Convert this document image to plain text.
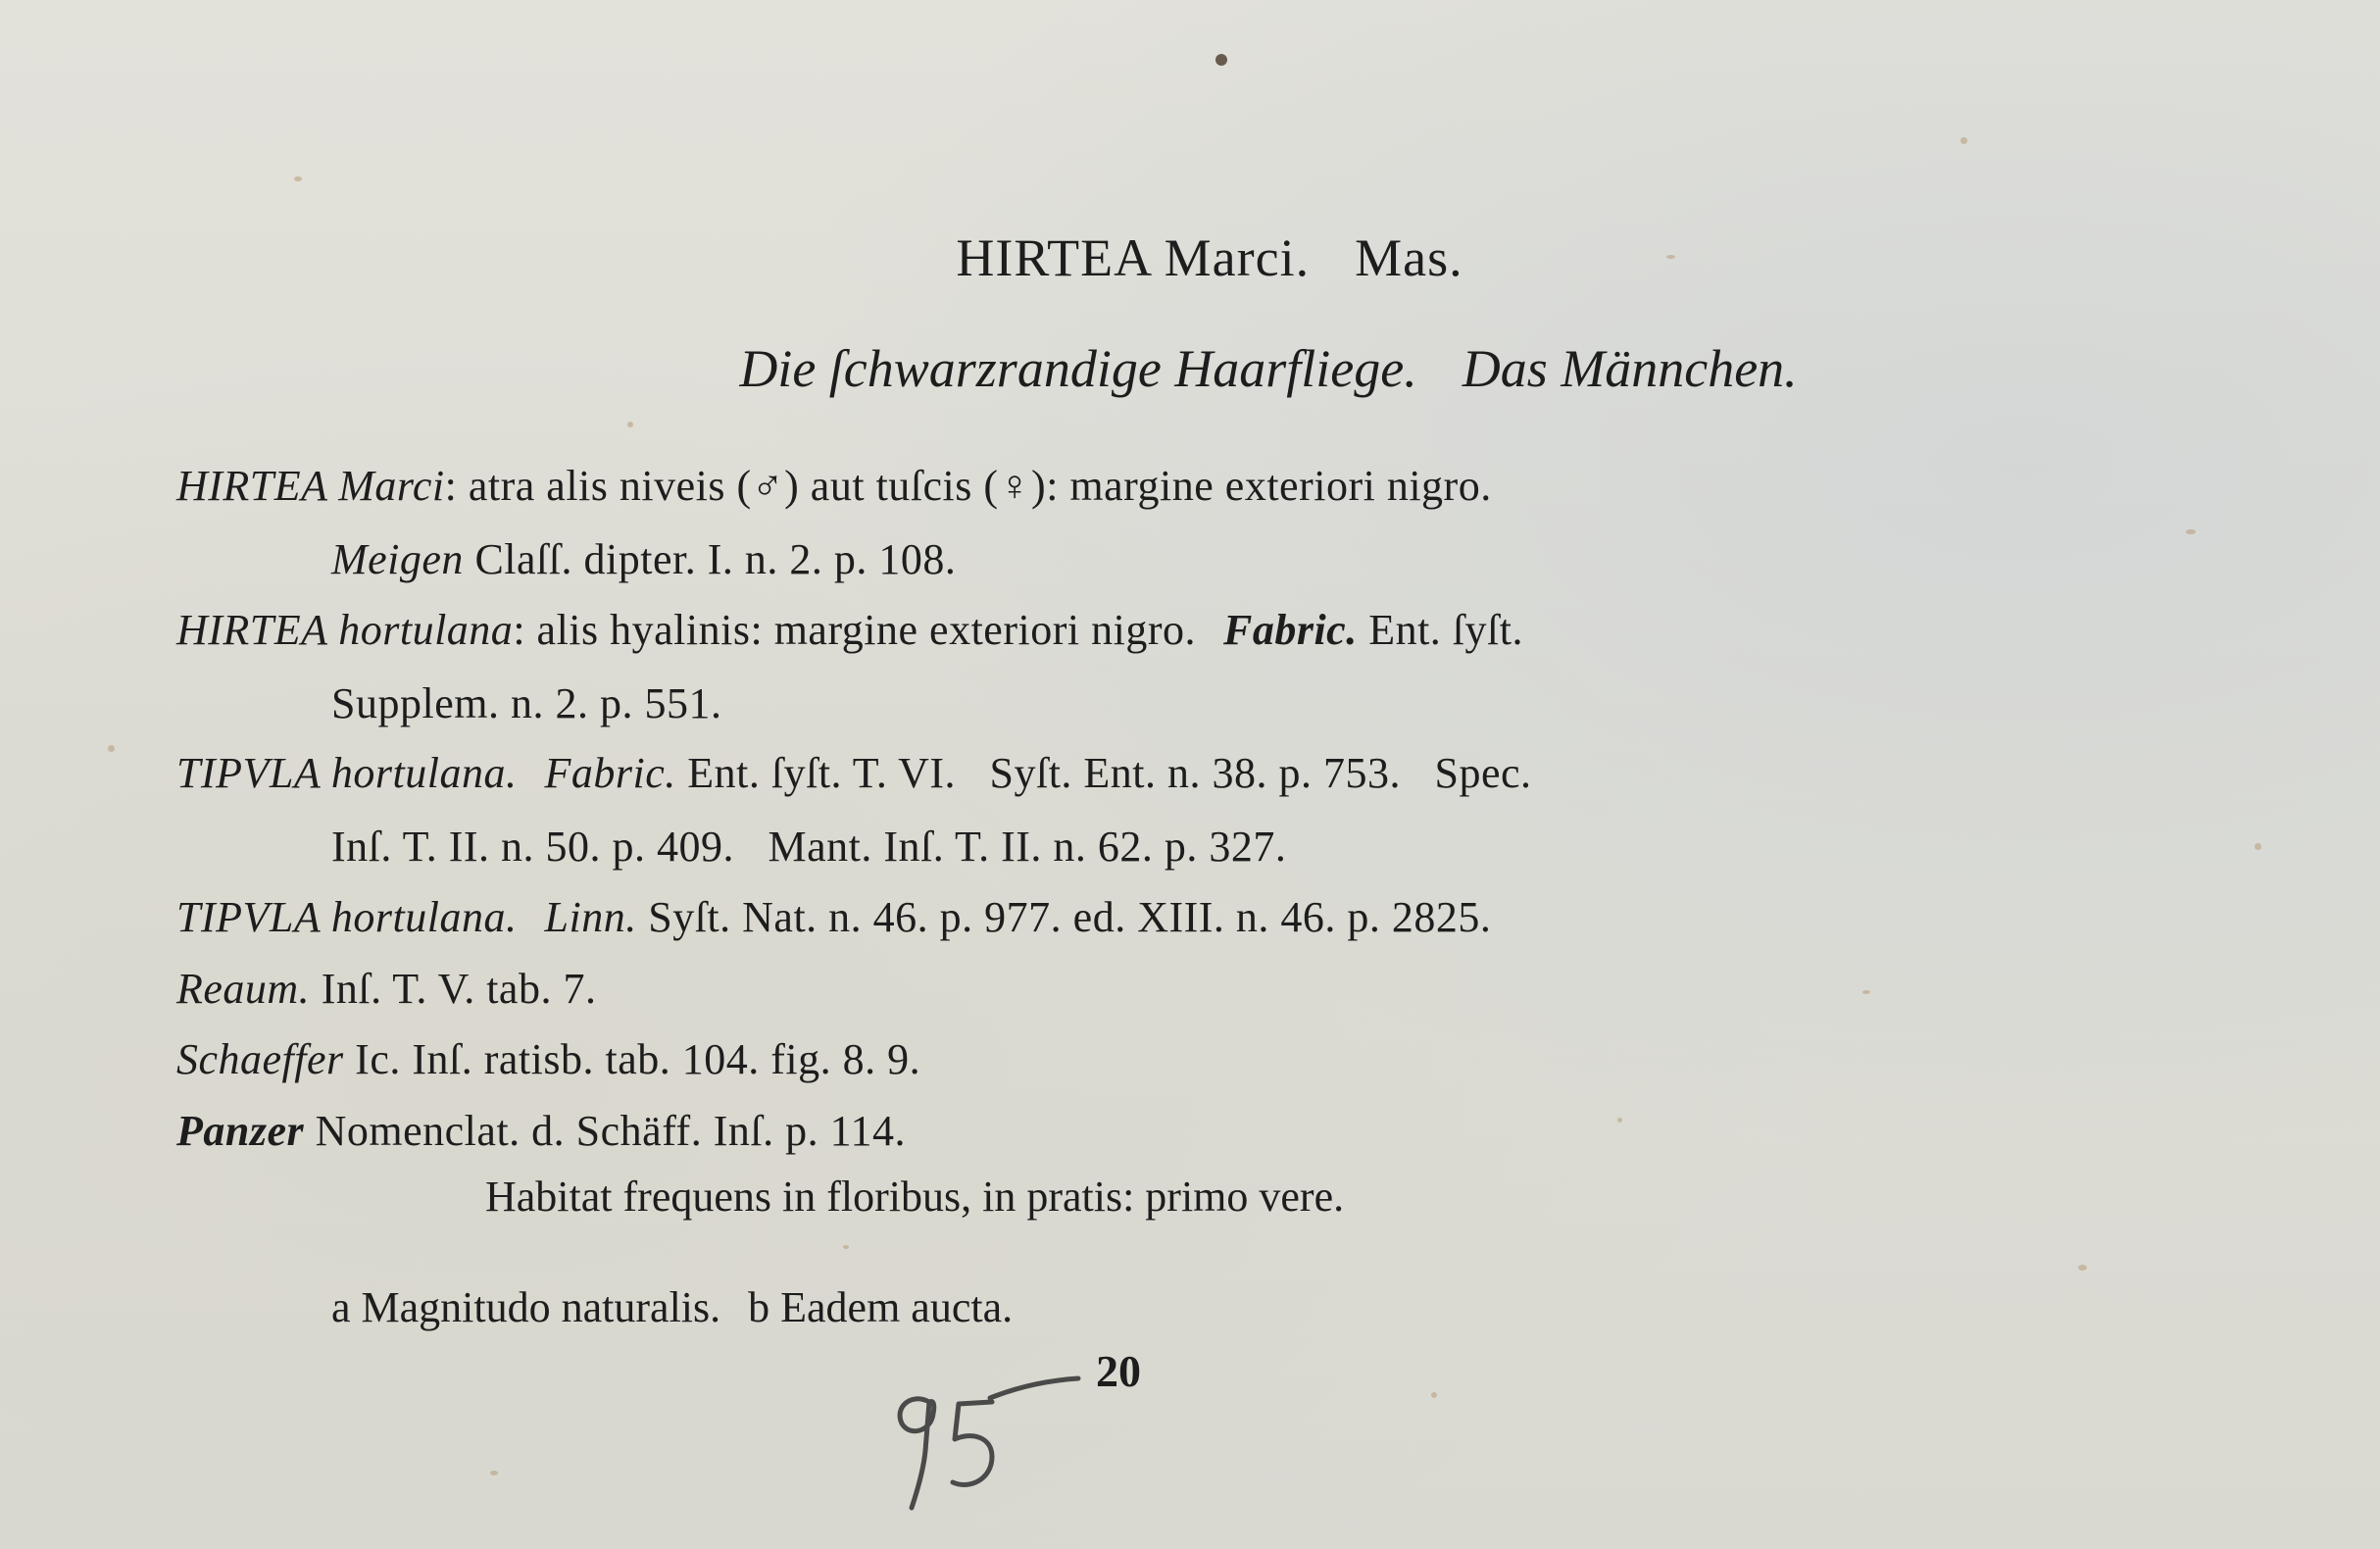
HIRTEA Marci. Mas.
Die ſchwarzrandige Haarfliege. Das Männchen.
HIRTEA Marci: atra alis niveis (♂) aut tuſcis (♀): margine exteriori nigro.
Meigen Claſſ. dipter. I. n. 2. p. 108.
HIRTEA hortulana: alis hyalinis: margine exteriori nigro. Fabric. Ent. ſyſt.
Supplem. n. 2. p. 551.
TIPVLA hortulana. Fabric. Ent. ſyſt. T. VI.   Syſt. Ent. n. 38. p. 753.   Spec.
Inſ. T. II. n. 50. p. 409.   Mant. Inſ. T. II. n. 62. p. 327.
TIPVLA hortulana. Linn. Syſt. Nat. n. 46. p. 977. ed. XIII. n. 46. p. 2825.
Reaum. Inſ. T. V. tab. 7.
Schaeffer Ic. Inſ. ratisb. tab. 104. fig. 8. 9.
Panzer Nomenclat. d. Schäff. Inſ. p. 114.
Habitat frequens in floribus, in pratis: primo vere.
a Magnitudo naturalis. b Eadem aucta.
20
